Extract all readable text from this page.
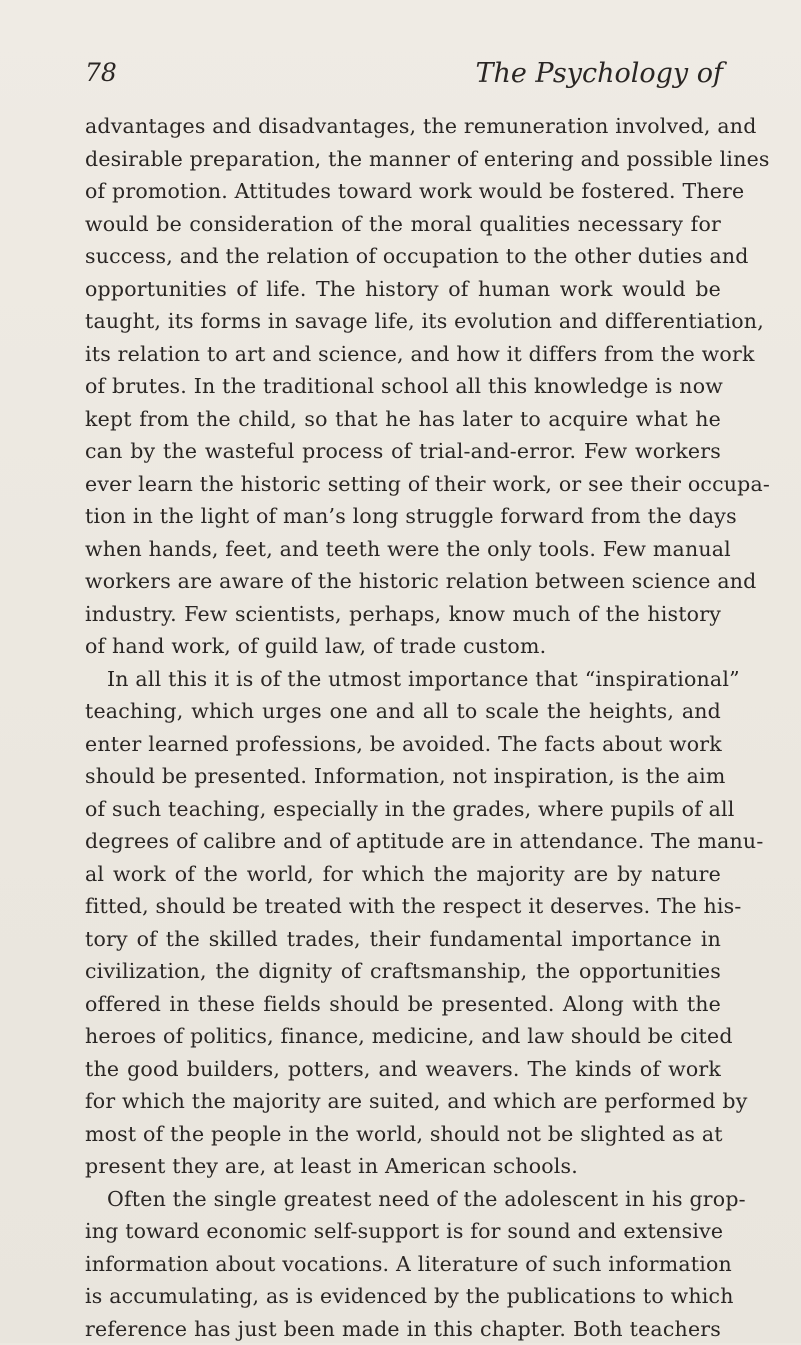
78	The Psychology of
advantages and disadvantages, the remuneration involved, and
desirable preparation, the manner of entering and possible lines
of promotion. Attitudes toward work would be fostered. There
would be consideration of the moral qualities necessary for
success, and the relation of occupation to the other duties and
opportunities of life. The history of human work would be
taught, its forms in savage life, its evolution and differentiation,
its relation to art and science, and how it differs from the work
of brutes. In the traditional school all this knowledge is now
kept from the child, so that he has later to acquire what he
can by the wasteful process of trial-and-error. Few workers
ever learn the historic setting of their work, or see their occupa-
tion in the light of man’s long struggle forward from the days
when hands, feet, and teeth were the only tools. Few manual
workers are aware of the historic relation between science and
industry. Few scientists, perhaps, know much of the history
of hand work, of guild law, of trade custom.
In all this it is of the utmost importance that “inspirational”
teaching, which urges one and all to scale the heights, and
enter learned professions, be avoided. The facts about work
should be presented. Information, not inspiration, is the aim
of such teaching, especially in the grades, where pupils of all
degrees of calibre and of aptitude are in attendance. The manu-
al work of the world, for which the majority are by nature
fitted, should be treated with the respect it deserves. The his-
tory of the skilled trades, their fundamental importance in
civilization, the dignity of craftsmanship, the opportunities
offered in these fields should be presented. Along with the
heroes of politics, finance, medicine, and law should be cited
the good builders, potters, and weavers. The kinds of work
for which the majority are suited, and which are performed by
most of the people in the world, should not be slighted as at
present they are, at least in American schools.
Often the single greatest need of the adolescent in his grop-
ing toward economic self-support is for sound and extensive
information about vocations. A literature of such information
is accumulating, as is evidenced by the publications to which
reference has just been made in this chapter. Both teachers
